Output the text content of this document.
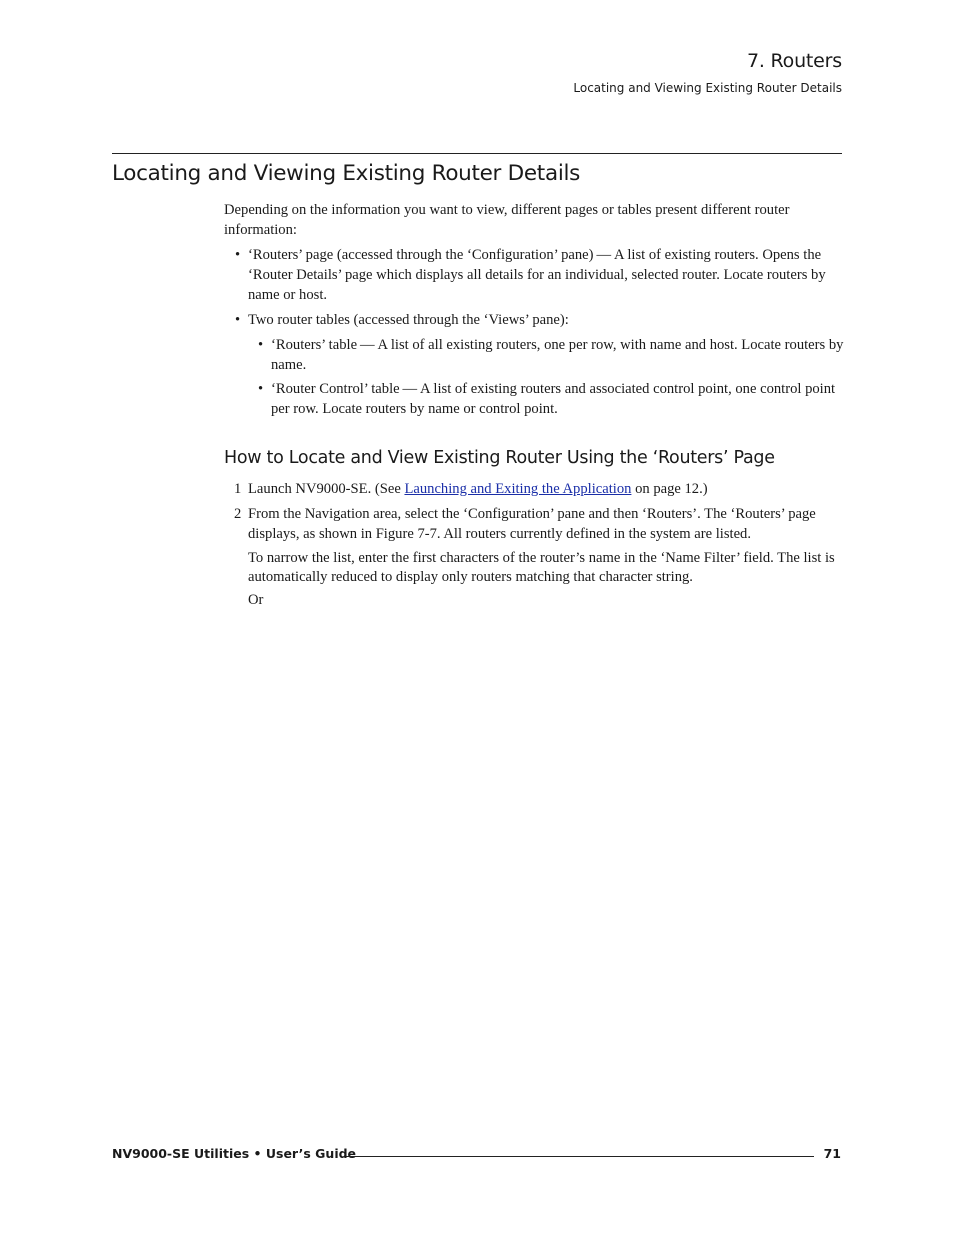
7. Routers
Locating and Viewing Existing Router Details
Locating and Viewing Existing Router Details

Depending on the information you want to view, different pages or tables present different router information:

• ‘Routers’ page (accessed through the ‘Configuration’ pane) — A list of existing routers. Opens the ‘Router Details’ page which displays all details for an individual, selected router. Locate routers by name or host.
• Two router tables (accessed through the ‘Views’ pane):
• ‘Routers’ table — A list of all existing routers, one per row, with name and host. Locate routers by name.
• ‘Router Control’ table — A list of existing routers and associated control point, one control point per row. Locate routers by name or control point.
How to Locate and View Existing Router Using the ‘Routers’ Page
1 Launch NV9000-SE. (See Launching and Exiting the Application on page 12.)
2 From the Navigation area, select the ‘Configuration’ pane and then ‘Routers’. The ‘Routers’ page displays, as shown in Figure 7-7. All routers currently defined in the system are listed.

To narrow the list, enter the first characters of the router’s name in the ‘Name Filter’ field. The list is automatically reduced to display only routers matching that character string.

Or

NV9000-SE Utilities • User’s Guide	71
